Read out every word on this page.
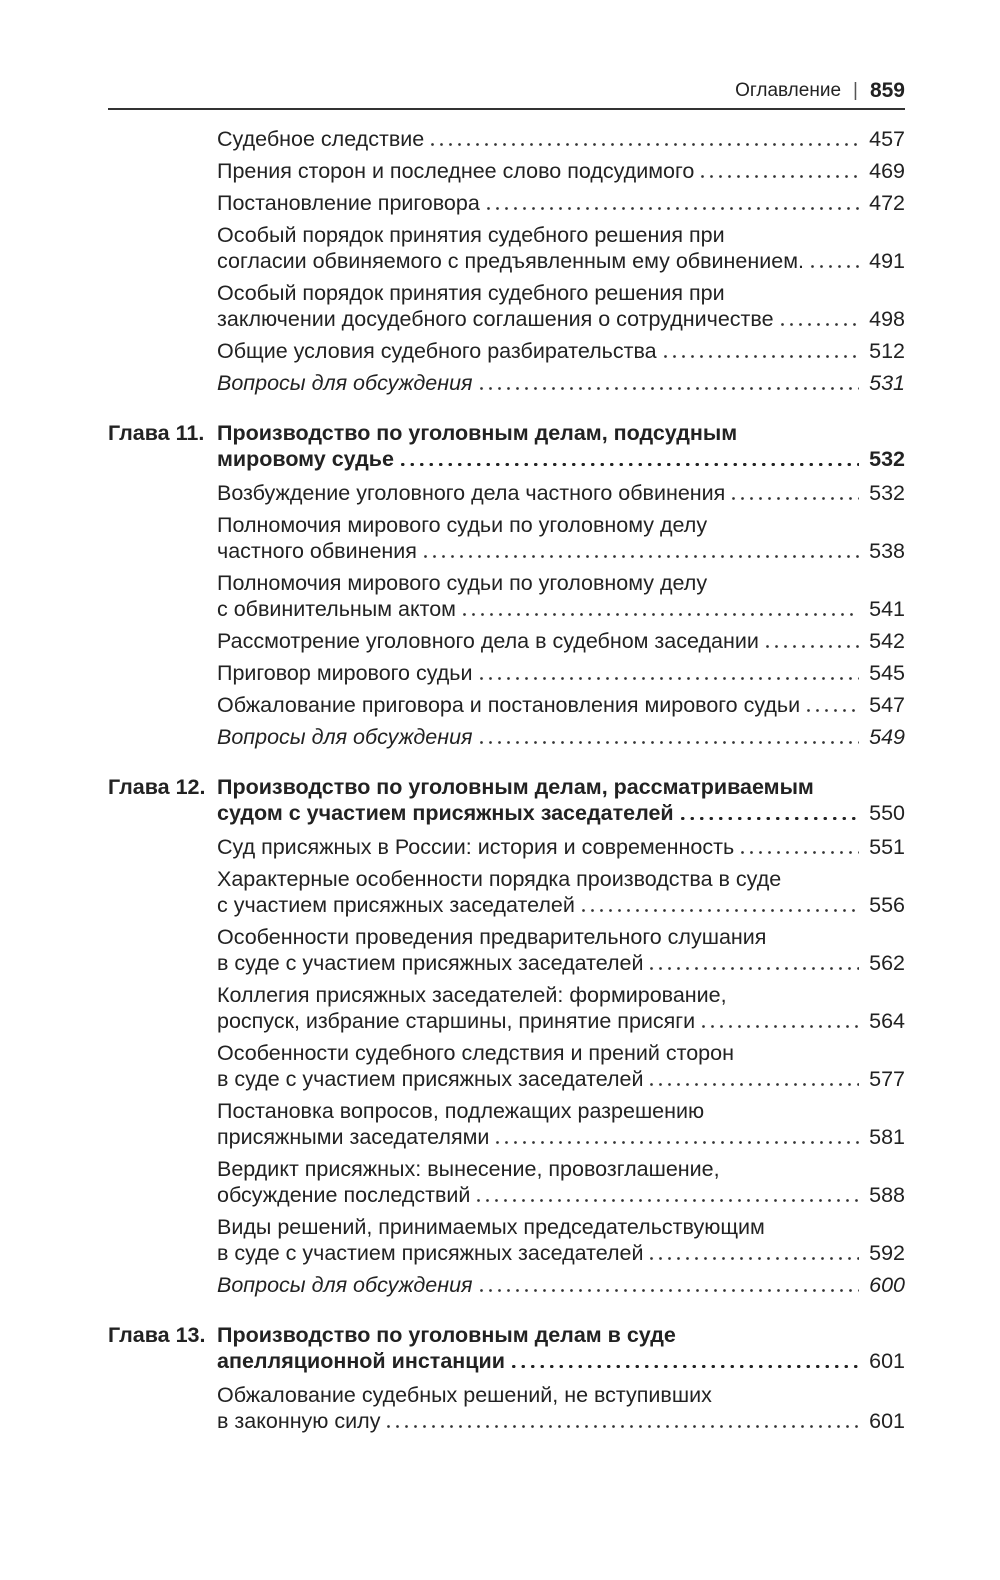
Оглавление | 859
Судебное следствие	457
Прения сторон и последнее слово подсудимого	469
Постановление приговора	472
Особый порядок принятия судебного решения при
согласии обвиняемого с предъявленным ему обвинением.	491
Особый порядок принятия судебного решения при
заключении досудебного соглашения о сотрудничестве	498
Общие условия судебного разбирательства	512
Вопросы для обсуждения	531
Глава 11. Производство по уголовным делам, подсудным
мировому судье	532
Возбуждение уголовного дела частного обвинения	532
Полномочия мирового судьи по уголовному делу
частного обвинения	538
Полномочия мирового судьи по уголовному делу
с обвинительным актом	541
Рассмотрение уголовного дела в судебном заседании	542
Приговор мирового судьи	545
Обжалование приговора и постановления мирового судьи	547
Вопросы для обсуждения	549
Глава 12. Производство по уголовным делам, рассматриваемым
судом с участием присяжных заседателей	550
Суд присяжных в России: история и современность	551
Характерные особенности порядка производства в суде
с участием присяжных заседателей	556
Особенности проведения предварительного слушания
в суде с участием присяжных заседателей	562
Коллегия присяжных заседателей: формирование,
роспуск, избрание старшины, принятие присяги	564
Особенности судебного следствия и прений сторон
в суде с участием присяжных заседателей	577
Постановка вопросов, подлежащих разрешению
присяжными заседателями	581
Вердикт присяжных: вынесение, провозглашение,
обсуждение последствий	588
Виды решений, принимаемых председательствующим
в суде с участием присяжных заседателей	592
Вопросы для обсуждения	600
Глава 13. Производство по уголовным делам в суде
апелляционной инстанции	601
Обжалование судебных решений, не вступивших
в законную силу	601
